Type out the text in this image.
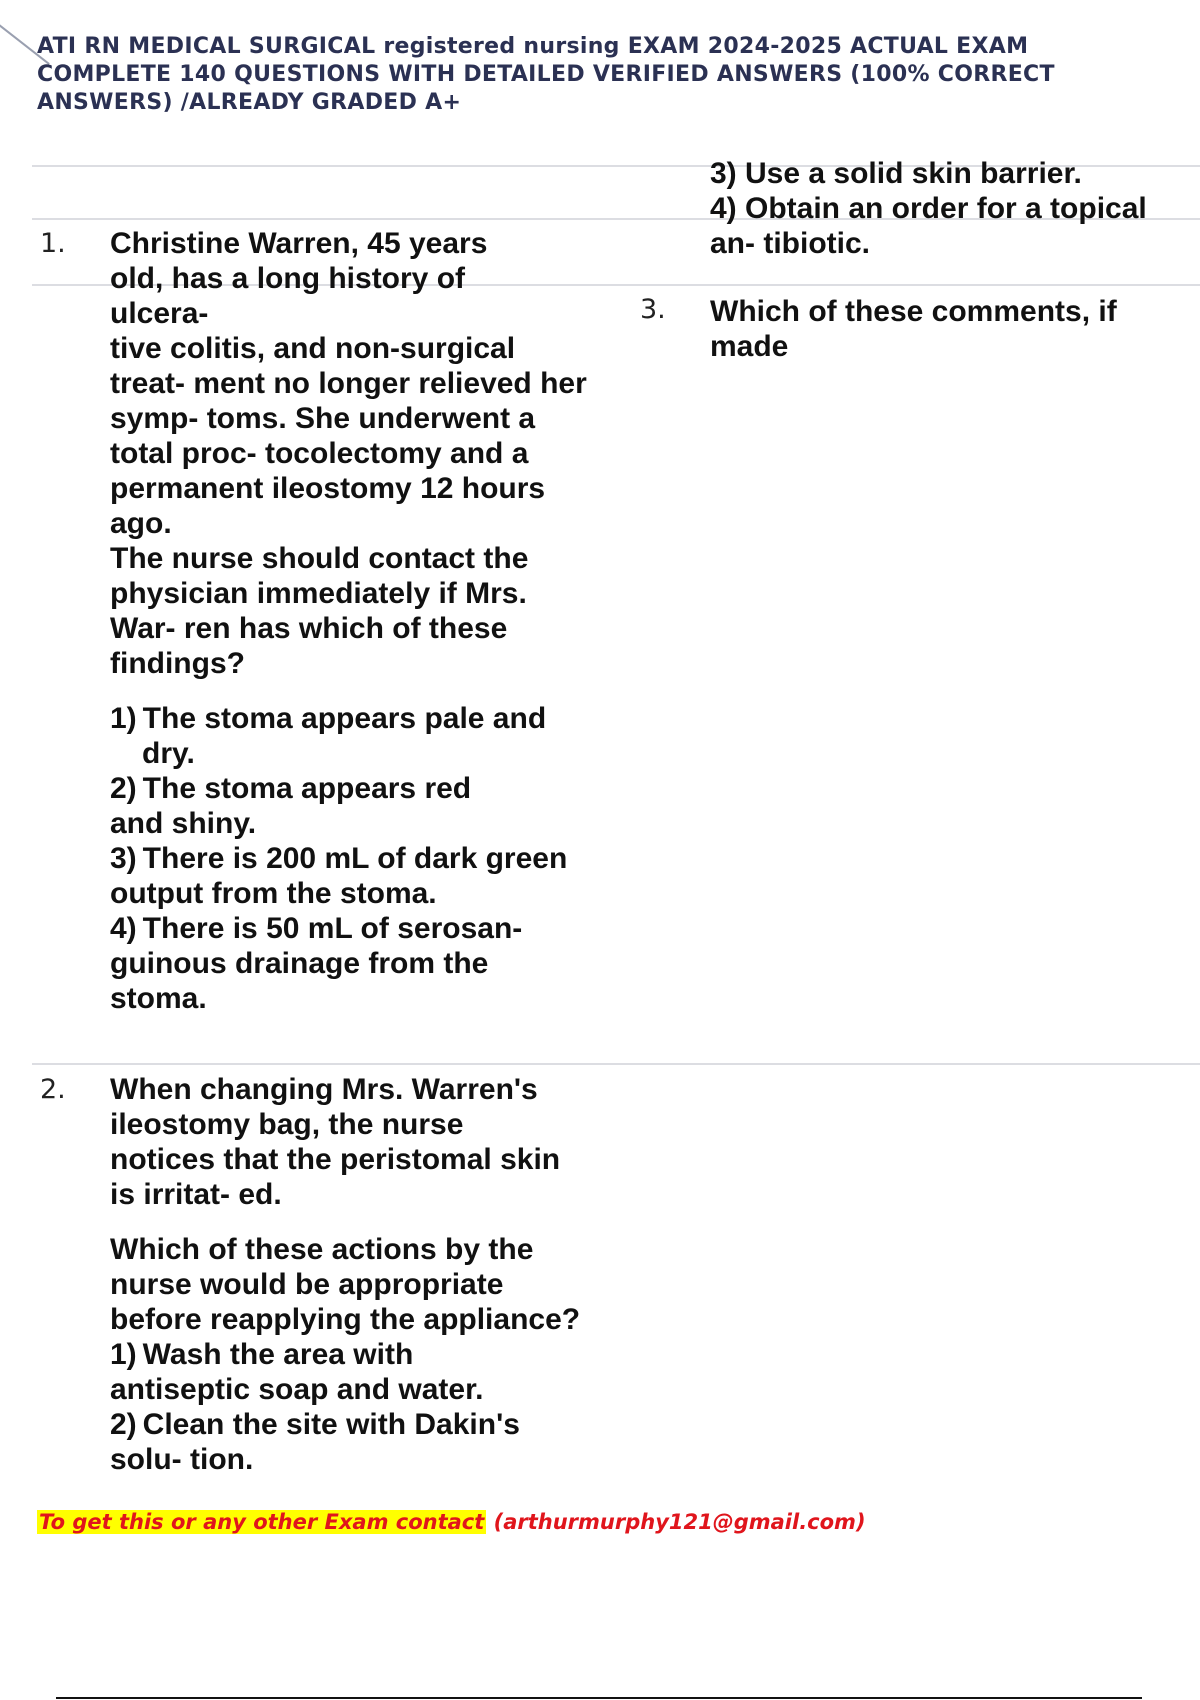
ATI RN MEDICAL SURGICAL registered nursing EXAM 2024-2025 ACTUAL EXAM
COMPLETE 140 QUESTIONS WITH DETAILED VERIFIED ANSWERS (100% CORRECT
ANSWERS) /ALREADY GRADED A+
3) Use a solid skin barrier.
4) Obtain an order for a topical
an- tibiotic.
1. Christine Warren, 45 years
old, has a long history of
ulcera-
tive colitis, and non-surgical
treat- ment no longer relieved her
symp- toms. She underwent a
total proc- tocolectomy and a
permanent ileostomy 12 hours
ago.
The nurse should contact the
physician immediately if Mrs.
War- ren has which of these
findings?
1) The stoma appears pale and
dry.
2) The stoma appears red
and shiny.
3) There is 200 mL of dark green
output from the stoma.
4) There is 50 mL of serosan-
guinous drainage from the
stoma.
2. When changing Mrs. Warren's
ileostomy bag, the nurse
notices that the peristomal skin
is irritat- ed.
Which of these actions by the
nurse would be appropriate
before reapplying the appliance?
1) Wash the area with
antiseptic soap and water.
2) Clean the site with Dakin's
solu- tion.
3. Which of these comments, if
made
To get this or any other Exam contact (arthurmurphy121@gmail.com)
